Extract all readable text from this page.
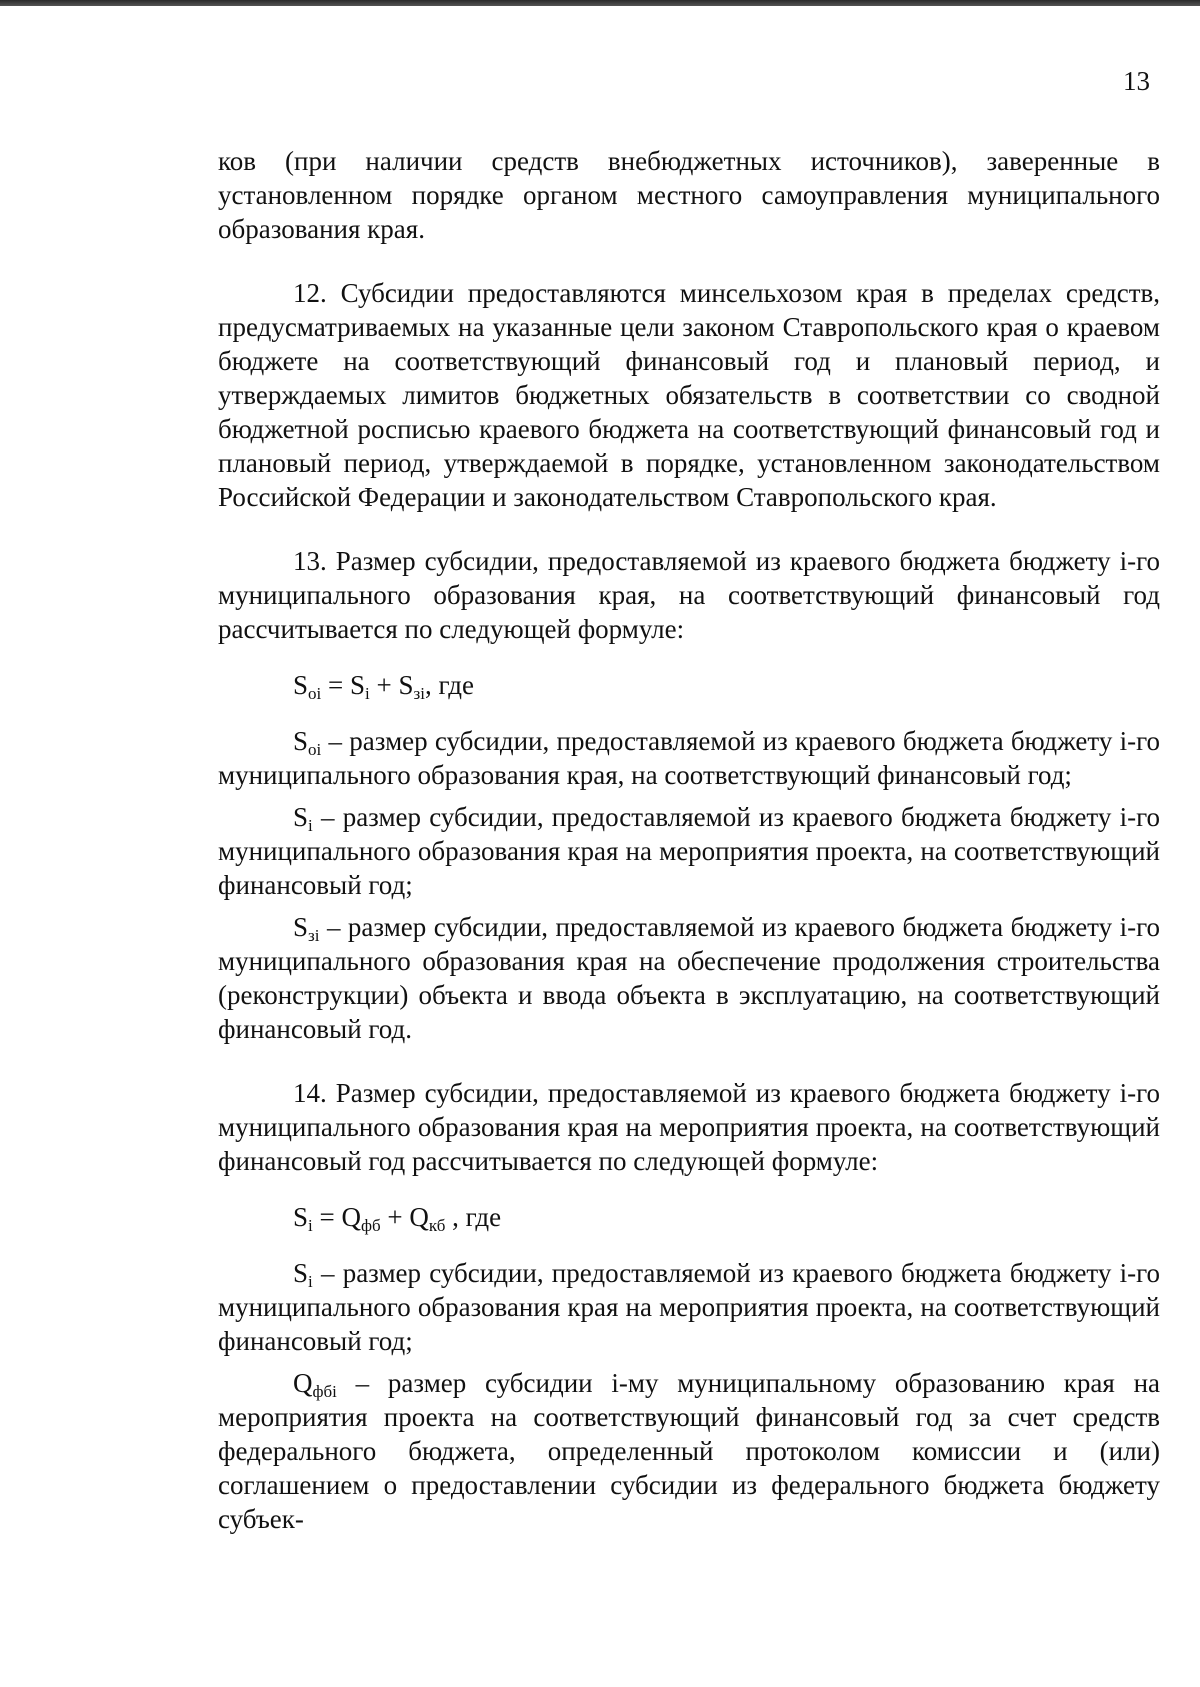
13

ков (при наличии средств внебюджетных источников), заверенные в установленном порядке органом местного самоуправления муниципального образования края.

12. Субсидии предоставляются минсельхозом края в пределах средств, предусматриваемых на указанные цели законом Ставропольского края о краевом бюджете на соответствующий финансовый год и плановый период, и утверждаемых лимитов бюджетных обязательств в соответствии со сводной бюджетной росписью краевого бюджета на соответствующий финансовый год и плановый период, утверждаемой в порядке, установленном законодательством Российской Федерации и законодательством Ставропольского края.

13. Размер субсидии, предоставляемой из краевого бюджета бюджету i-го муниципального образования края, на соответствующий финансовый год рассчитывается по следующей формуле:

$S_{oi} = S_i + S_{зi}$, где

$S_{oi}$ – размер субсидии, предоставляемой из краевого бюджета бюджету i-го муниципального образования края, на соответствующий финансовый год;

$S_i$ – размер субсидии, предоставляемой из краевого бюджета бюджету i-го муниципального образования края на мероприятия проекта, на соответствующий финансовый год;

$S_{зi}$ – размер субсидии, предоставляемой из краевого бюджета бюджету i-го муниципального образования края на обеспечение продолжения строительства (реконструкции) объекта и ввода объекта в эксплуатацию, на соответствующий финансовый год.

14. Размер субсидии, предоставляемой из краевого бюджета бюджету i-го муниципального образования края на мероприятия проекта, на соответствующий финансовый год рассчитывается по следующей формуле:

$S_i = Q_{фб} + Q_{кб}$ , где

$S_i$ – размер субсидии, предоставляемой из краевого бюджета бюджету i-го муниципального образования края на мероприятия проекта, на соответствующий финансовый год;

$Q_{фбi}$ – размер субсидии i-му муниципальному образованию края на мероприятия проекта на соответствующий финансовый год за счет средств федерального бюджета, определенный протоколом комиссии и (или) соглашением о предоставлении субсидии из федерального бюджета бюджету субъек-
